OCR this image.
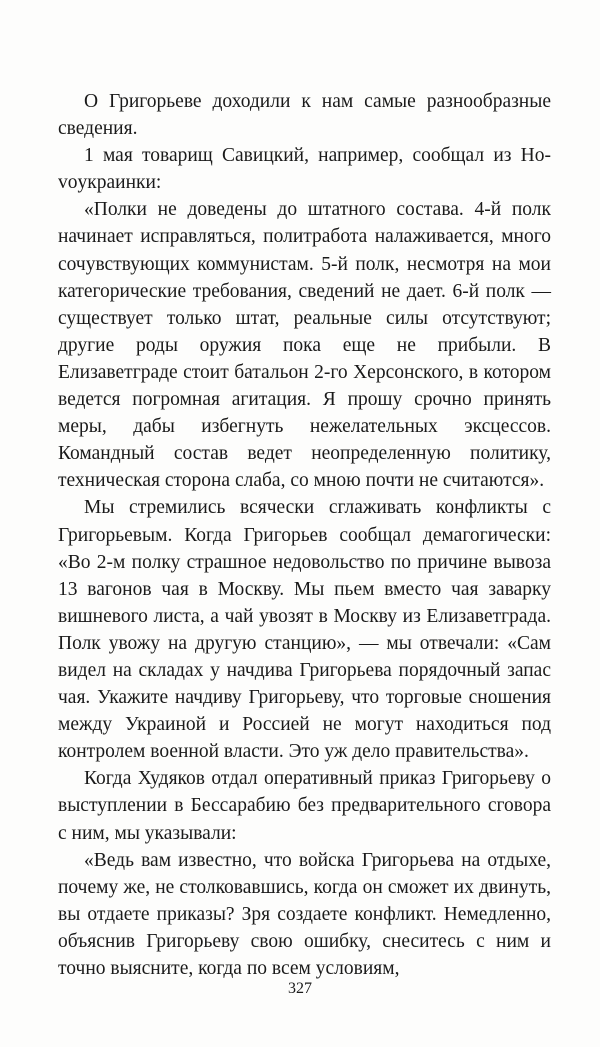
О Григорьеве доходили к нам самые разнообразные сведения.

1 мая товарищ Савицкий, например, сообщал из Ноvoукраинки:

«Полки не доведены до штатного состава. 4-й полк начинает исправляться, политработа налаживается, много сочувствующих коммунистам. 5-й полк, несмотря на мои категорические требования, сведений не дает. 6-й полк — существует только штат, реальные силы отсутствуют; другие роды оружия пока еще не прибыли. В Елизаветграде стоит батальон 2-го Херсонского, в котором ведется погромная агитация. Я прошу срочно принять меры, дабы избегнуть нежелательных эксцессов. Командный состав ведет неопределенную политику, техническая сторона слаба, со мною почти не считаются».

Мы стремились всячески сглаживать конфликты с Григорьевым. Когда Григорьев сообщал демагогически: «Во 2-м полку страшное недовольство по причине вывоза 13 вагонов чая в Москву. Мы пьем вместо чая заварку вишневого листа, а чай увозят в Москву из Елизаветграда. Полк увожу на другую станцию», — мы отвечали: «Сам видел на складах у начдива Григорьева порядочный запас чая. Укажите начдиву Григорьеву, что торговые сношения между Украиной и Россией не могут находиться под контролем военной власти. Это уж дело правительства».

Когда Худяков отдал оперативный приказ Григорьеву о выступлении в Бессарабию без предварительного сговора с ним, мы указывали:

«Ведь вам известно, что войска Григорьева на отдыхе, почему же, не столковавшись, когда он сможет их двинуть, вы отдаете приказы? Зря создаете конфликт. Немедленно, объяснив Григорьеву свою ошибку, снеситесь с ним и точно выясните, когда по всем условиям,

327
